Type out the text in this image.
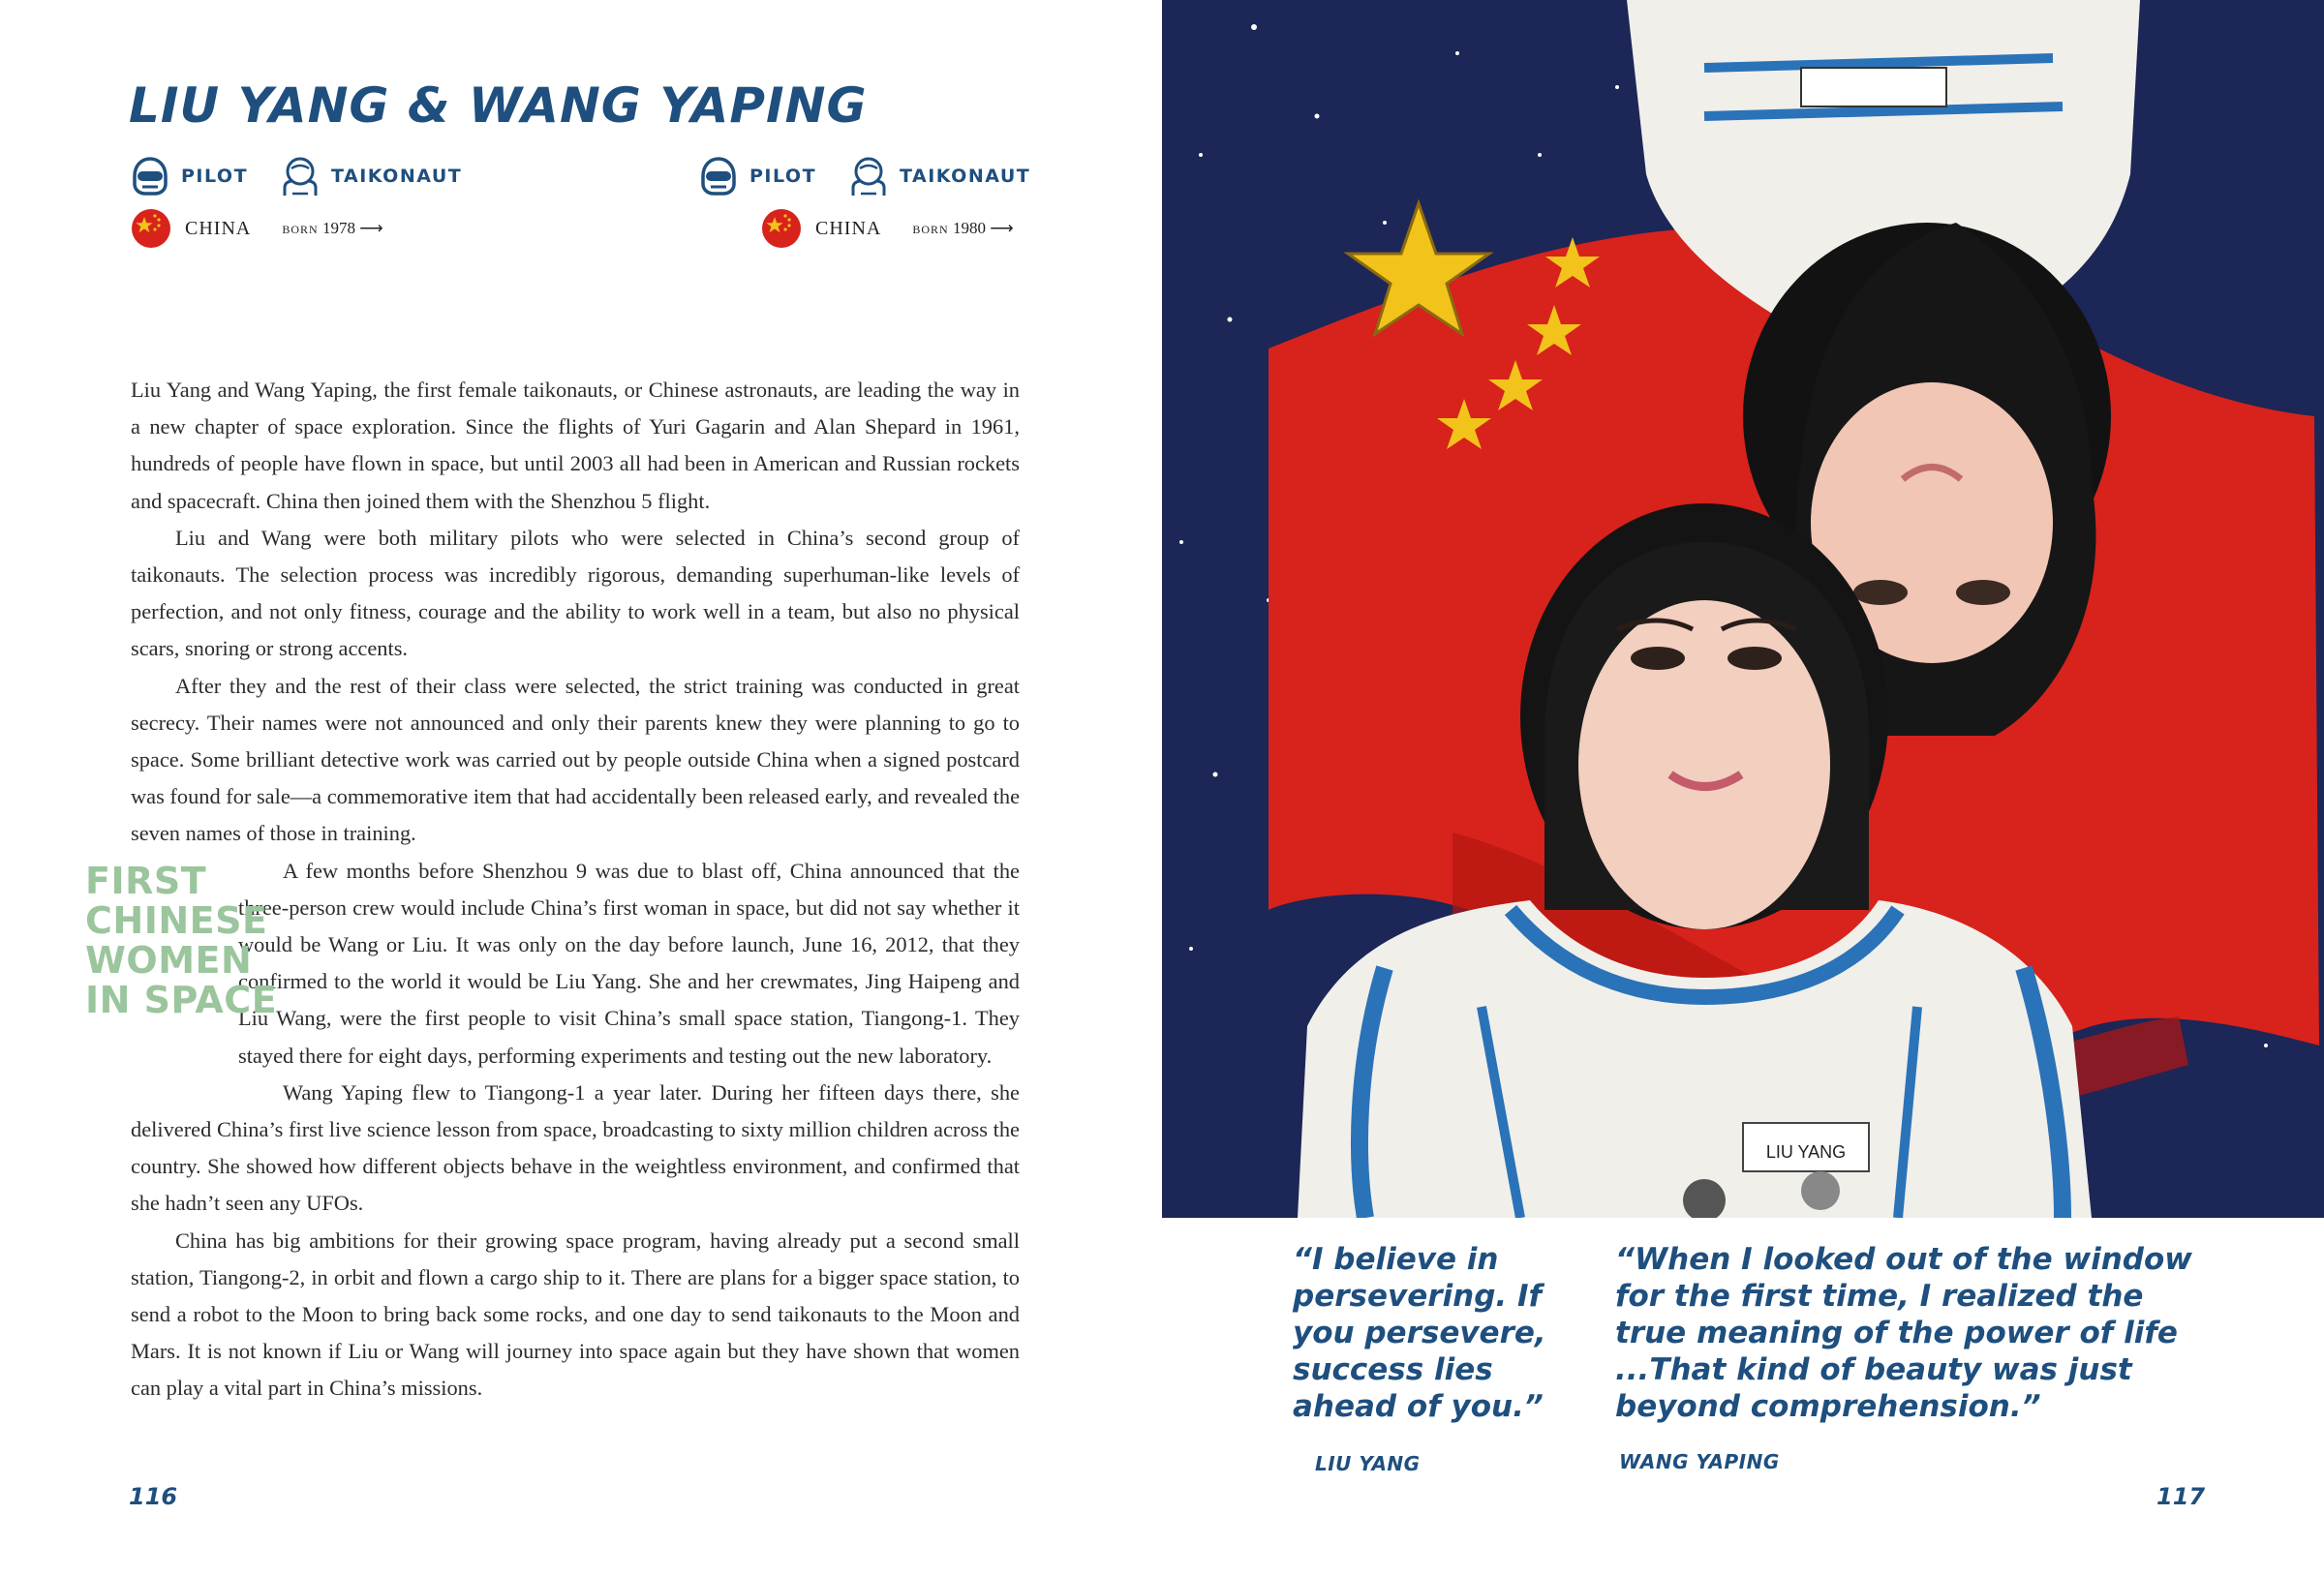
LIU YANG & WANG YAPING
PILOT	TAIKONAUT
CHINA born 1978 ⟶
PILOT	TAIKONAUT
CHINA born 1980 ⟶

Liu Yang and Wang Yaping, the first female taikonauts, or Chinese astronauts, are leading the way in a new chapter of space exploration. Since the flights of Yuri Gagarin and Alan Shepard in 1961, hundreds of people have flown in space, but until 2003 all had been in American and Russian rockets and spacecraft. China then joined them with the Shenzhou 5 flight.

Liu and Wang were both military pilots who were selected in China’s second group of taikonauts. The selection process was incredibly rigorous, demanding superhuman-like levels of perfection, and not only fitness, courage and the ability to work well in a team, but also no physical scars, snoring or strong accents.

After they and the rest of their class were selected, the strict training was conducted in great secrecy. Their names were not announced and only their parents knew they were planning to go to space. Some brilliant detective work was carried out by people outside China when a signed postcard was found for sale—a commemorative item that had accidentally been released early, and revealed the seven names of those in training.

A few months before Shenzhou 9 was due to blast off, China announced that the three-person crew would include China’s first woman in space, but did not say whether it would be Wang or Liu. It was only on the day before launch, June 16, 2012, that they confirmed to the world it would be Liu Yang. She and her crewmates, Jing Haipeng and Liu Wang, were the first people to visit China’s small space station, Tiangong-1. They stayed there for eight days, performing experiments and testing out the new laboratory.

Wang Yaping flew to Tiangong-1 a year later. During her fifteen days there, she delivered China’s first live science lesson from space, broadcasting to sixty million children across the country. She showed how different objects behave in the weightless environment, and confirmed that she hadn’t seen any UFOs.

China has big ambitions for their growing space program, having already put a second small station, Tiangong-2, in orbit and flown a cargo ship to it. There are plans for a bigger space station, to send a robot to the Moon to bring back some rocks, and one day to send taikonauts to the Moon and Mars. It is not known if Liu or Wang will journey into space again but they have shown that women can play a vital part in China’s missions.

FIRST
CHINESE
WOMEN
IN SPACE
116
LIU YANG
“I believe in
persevering. If
you persevere,
success lies
ahead of you.”
LIU YANG
“When I looked out of the window
for the first time, I realized the
true meaning of the power of life
...That kind of beauty was just
beyond comprehension.”
WANG YAPING
117
